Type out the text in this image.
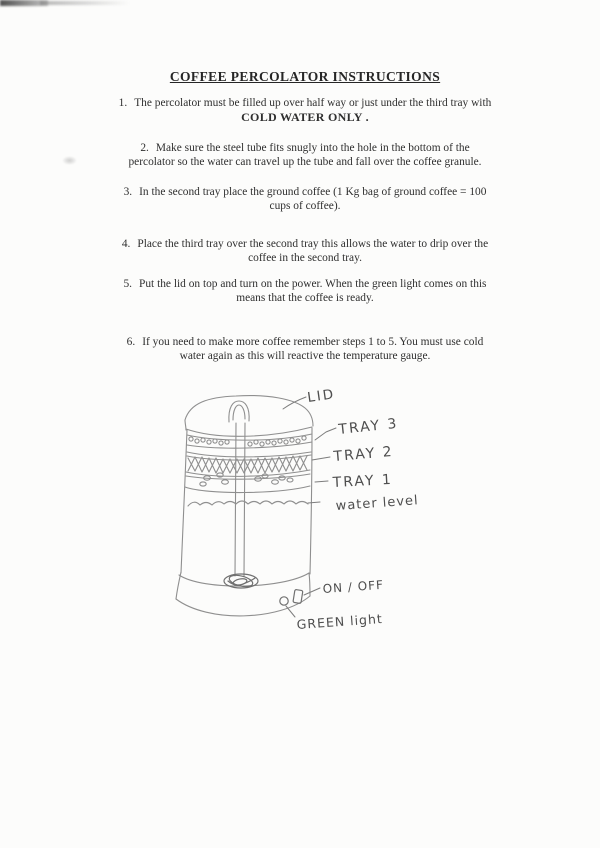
COFFEE PERCOLATOR INSTRUCTIONS
1. The percolator must be filled up over half way or just under the third tray with
COLD WATER ONLY .
2. Make sure the steel tube fits snugly into the hole in the bottom of the
percolator so the water can travel up the tube and fall over the coffee granule.
3. In the second tray place the ground coffee (1 Kg bag of ground coffee = 100
cups of coffee).
4. Place the third tray over the second tray this allows the water to drip over the
coffee in the second tray.
5. Put the lid on top and turn on the power. When the green light comes on this
means that the coffee is ready.
6. If you need to make more coffee remember steps 1 to 5. You must use cold
water again as this will reactive the temperature gauge.
LID
TRAY 3
TRAY 2
TRAY 1
water level
ON / OFF
GREEN light
